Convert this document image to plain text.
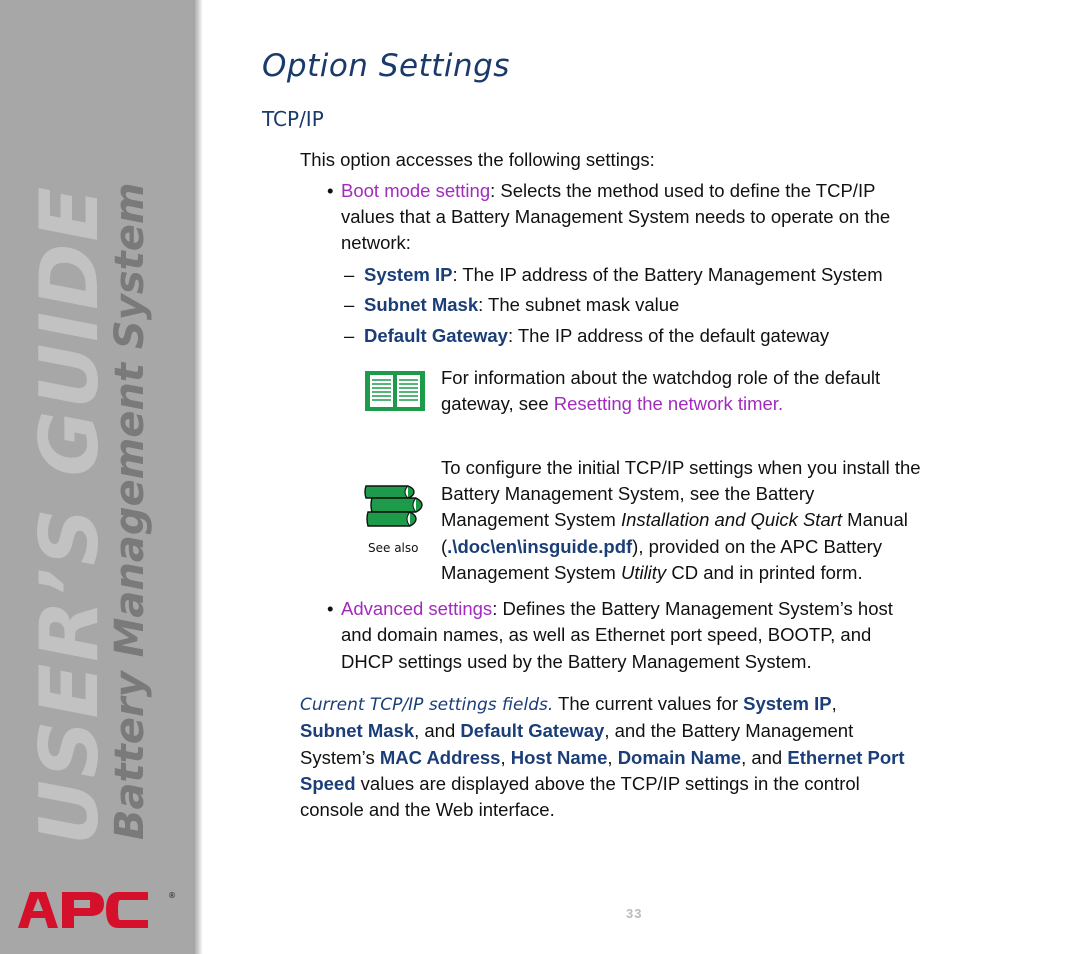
USER’S GUIDE
Battery Management System
®
Option Settings
TCP/IP
This option accesses the following settings:
• Boot mode setting: Selects the method used to define the TCP/IP
values that a Battery Management System needs to operate on the
network:
– System IP: The IP address of the Battery Management System
– Subnet Mask: The subnet mask value
– Default Gateway: The IP address of the default gateway
For information about the watchdog role of the default
gateway, see Resetting the network timer.
See also
To configure the initial TCP/IP settings when you install the
Battery Management System, see the Battery
Management System Installation and Quick Start Manual
(.\doc\en\insguide.pdf), provided on the APC Battery
Management System Utility CD and in printed form.
• Advanced settings: Defines the Battery Management System’s host
and domain names, as well as Ethernet port speed, BOOTP, and
DHCP settings used by the Battery Management System.
Current TCP/IP settings fields. The current values for System IP,
Subnet Mask, and Default Gateway, and the Battery Management
System’s MAC Address, Host Name, Domain Name, and Ethernet Port
Speed values are displayed above the TCP/IP settings in the control
console and the Web interface.
33
